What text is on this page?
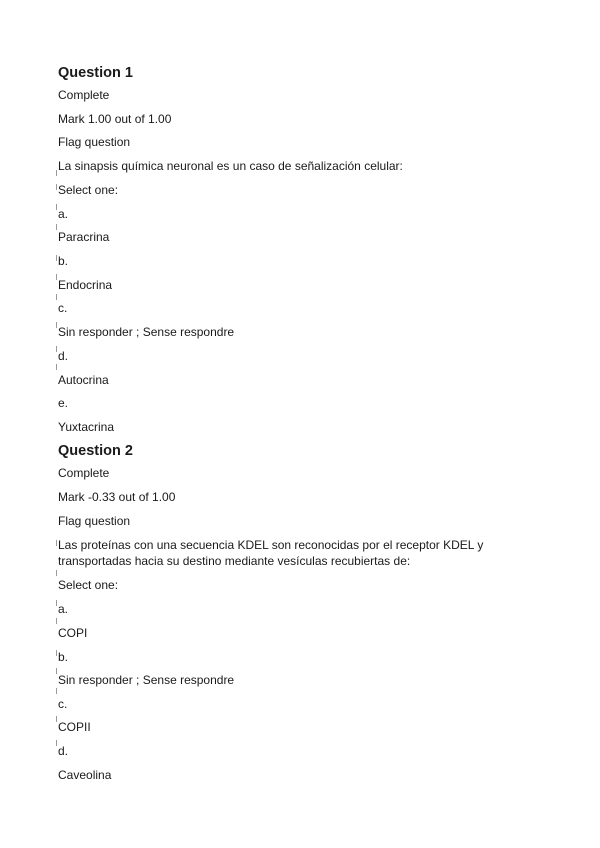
Question 1
Complete
Mark 1.00 out of 1.00
Flag question
La sinapsis química neuronal es un caso de señalización celular:
Select one:
a.
Paracrina
b.
Endocrina
c.
Sin responder ; Sense respondre
d.
Autocrina
e.
Yuxtacrina
Question 2
Complete
Mark -0.33 out of 1.00
Flag question
Las proteínas con una secuencia KDEL son reconocidas por el receptor KDEL y transportadas hacia su destino mediante vesículas recubiertas de:
Select one:
a.
COPI
b.
Sin responder ; Sense respondre
c.
COPII
d.
Caveolina
